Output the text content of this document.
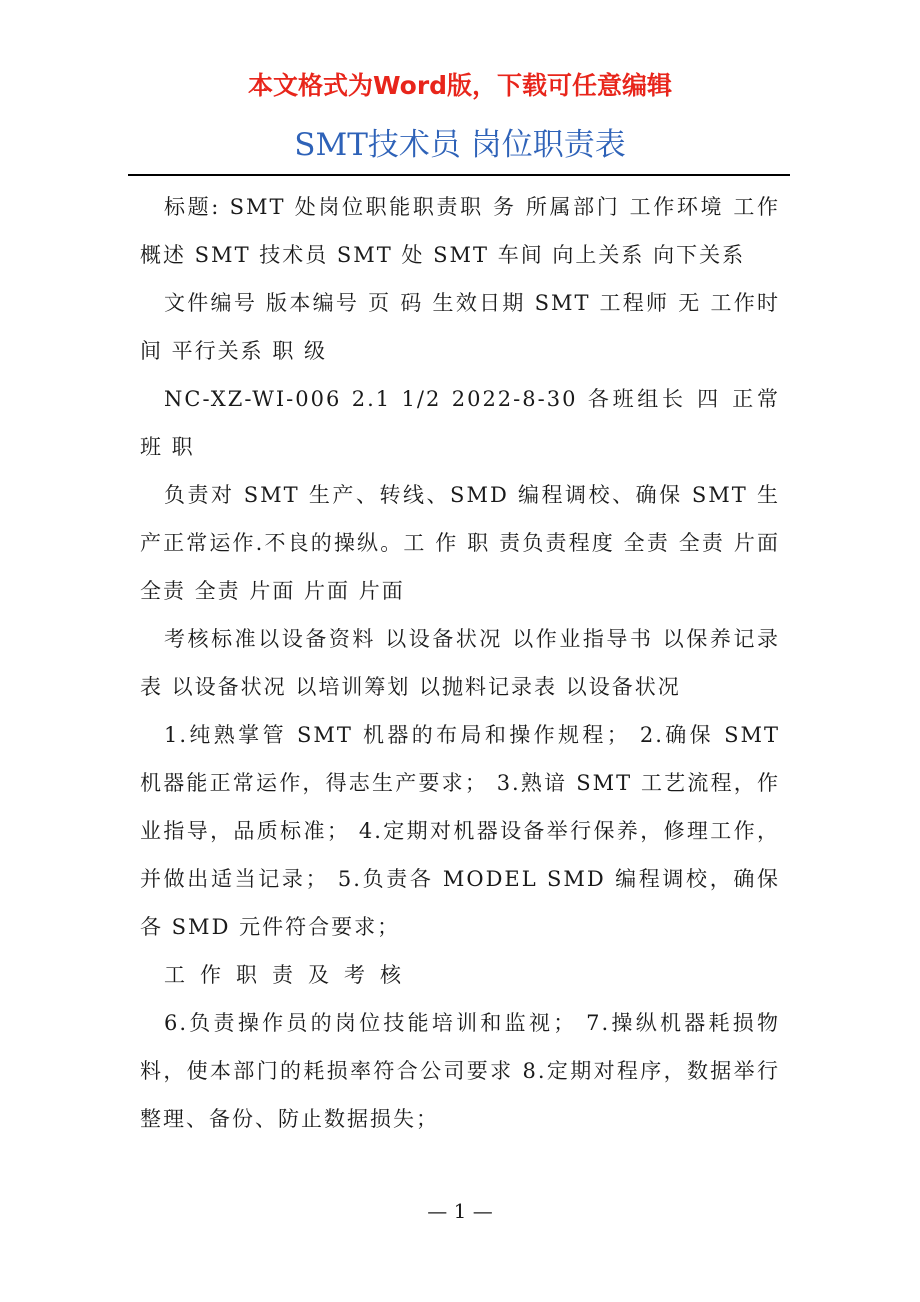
本文格式为Word版，下载可任意编辑
SMT技术员 岗位职责表

标题: SMT 处岗位职能职责职 务 所属部门 工作环境 工作概述 SMT 技术员 SMT 处 SMT 车间 向上关系 向下关系

文件编号 版本编号 页 码 生效日期 SMT 工程师 无 工作时间 平行关系 职 级

NC-XZ-WI-006 2.1 1/2 2022-8-30 各班组长 四 正常班 职

负责对 SMT 生产、转线、SMD 编程调校、确保 SMT 生产正常运作.不良的操纵。工 作 职 责负责程度 全责 全责 片面 全责 全责 片面 片面 片面

考核标准以设备资料 以设备状况 以作业指导书 以保养记录表 以设备状况 以培训筹划 以抛料记录表 以设备状况

1.纯熟掌管 SMT 机器的布局和操作规程； 2.确保 SMT 机器能正常运作，得志生产要求； 3.熟谙 SMT 工艺流程，作业指导，品质标准； 4.定期对机器设备举行保养，修理工作，并做出适当记录； 5.负责各 MODEL SMD 编程调校，确保各 SMD 元件符合要求；

工作职责及考核

6.负责操作员的岗位技能培训和监视； 7.操纵机器耗损物料，使本部门的耗损率符合公司要求 8.定期对程序，数据举行整理、备份、防止数据损失；

— 1 —
